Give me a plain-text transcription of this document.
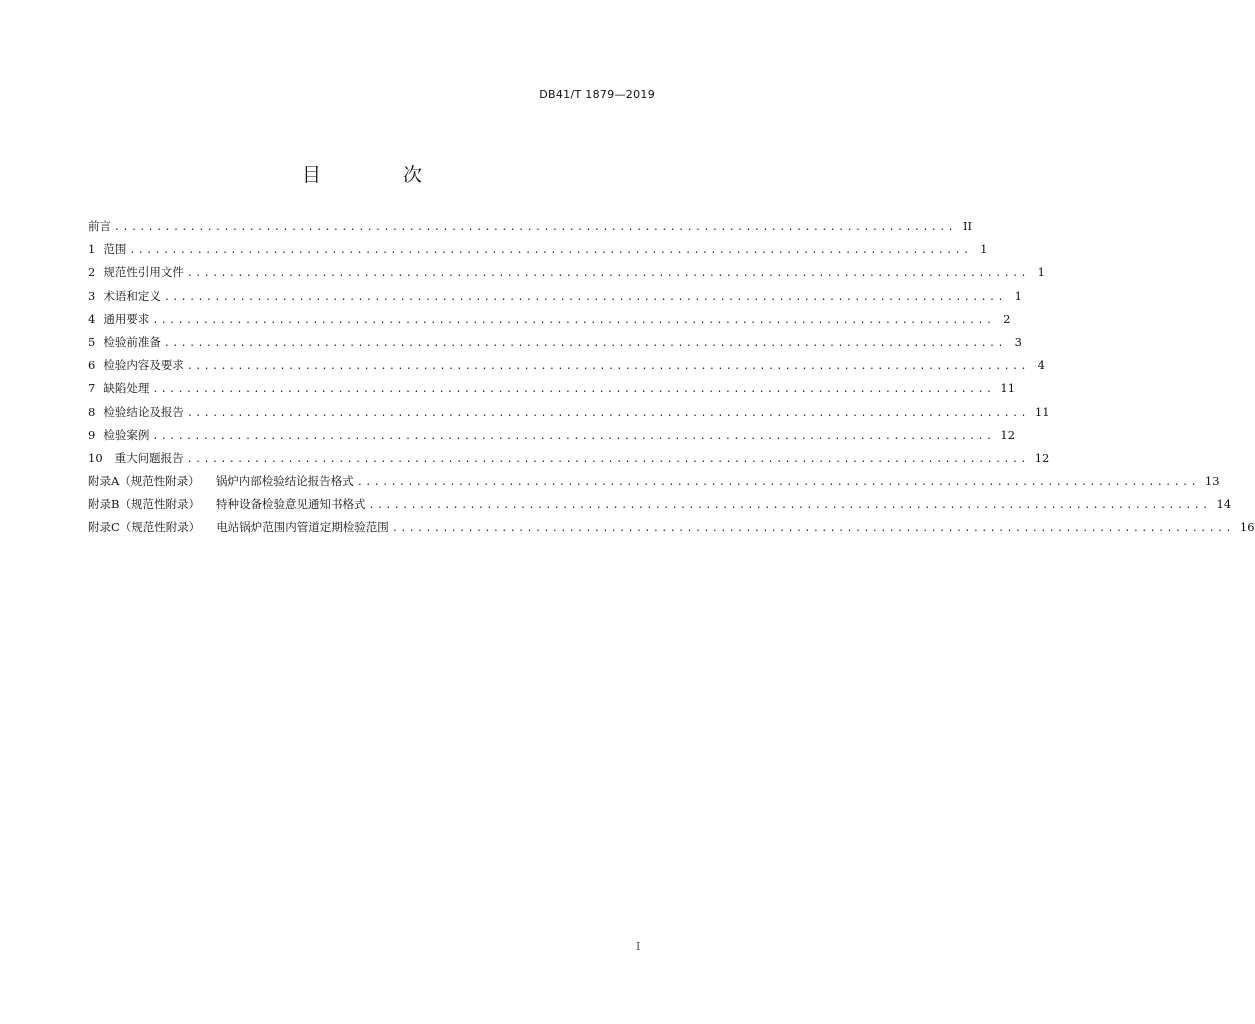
DB41/T 1879—2019
目 次
前言 .................................................................................................... II
1 范围 .................................................................................................... 1
2 规范性引用文件 .................................................................................................... 1
3 术语和定义 .................................................................................................... 1
4 通用要求 .................................................................................................... 2
5 检验前准备 .................................................................................................... 3
6 检验内容及要求 .................................................................................................... 4
7 缺陷处理 .................................................................................................... 11
8 检验结论及报告 .................................................................................................... 11
9 检验案例 .................................................................................................... 12
10 重大问题报告 .................................................................................................... 12
附录A（规范性附录） 锅炉内部检验结论报告格式 .................................................................................................... 13
附录B（规范性附录） 特种设备检验意见通知书格式 .................................................................................................... 14
附录C（规范性附录） 电站锅炉范围内管道定期检验范围 .................................................................................................... 16
I
